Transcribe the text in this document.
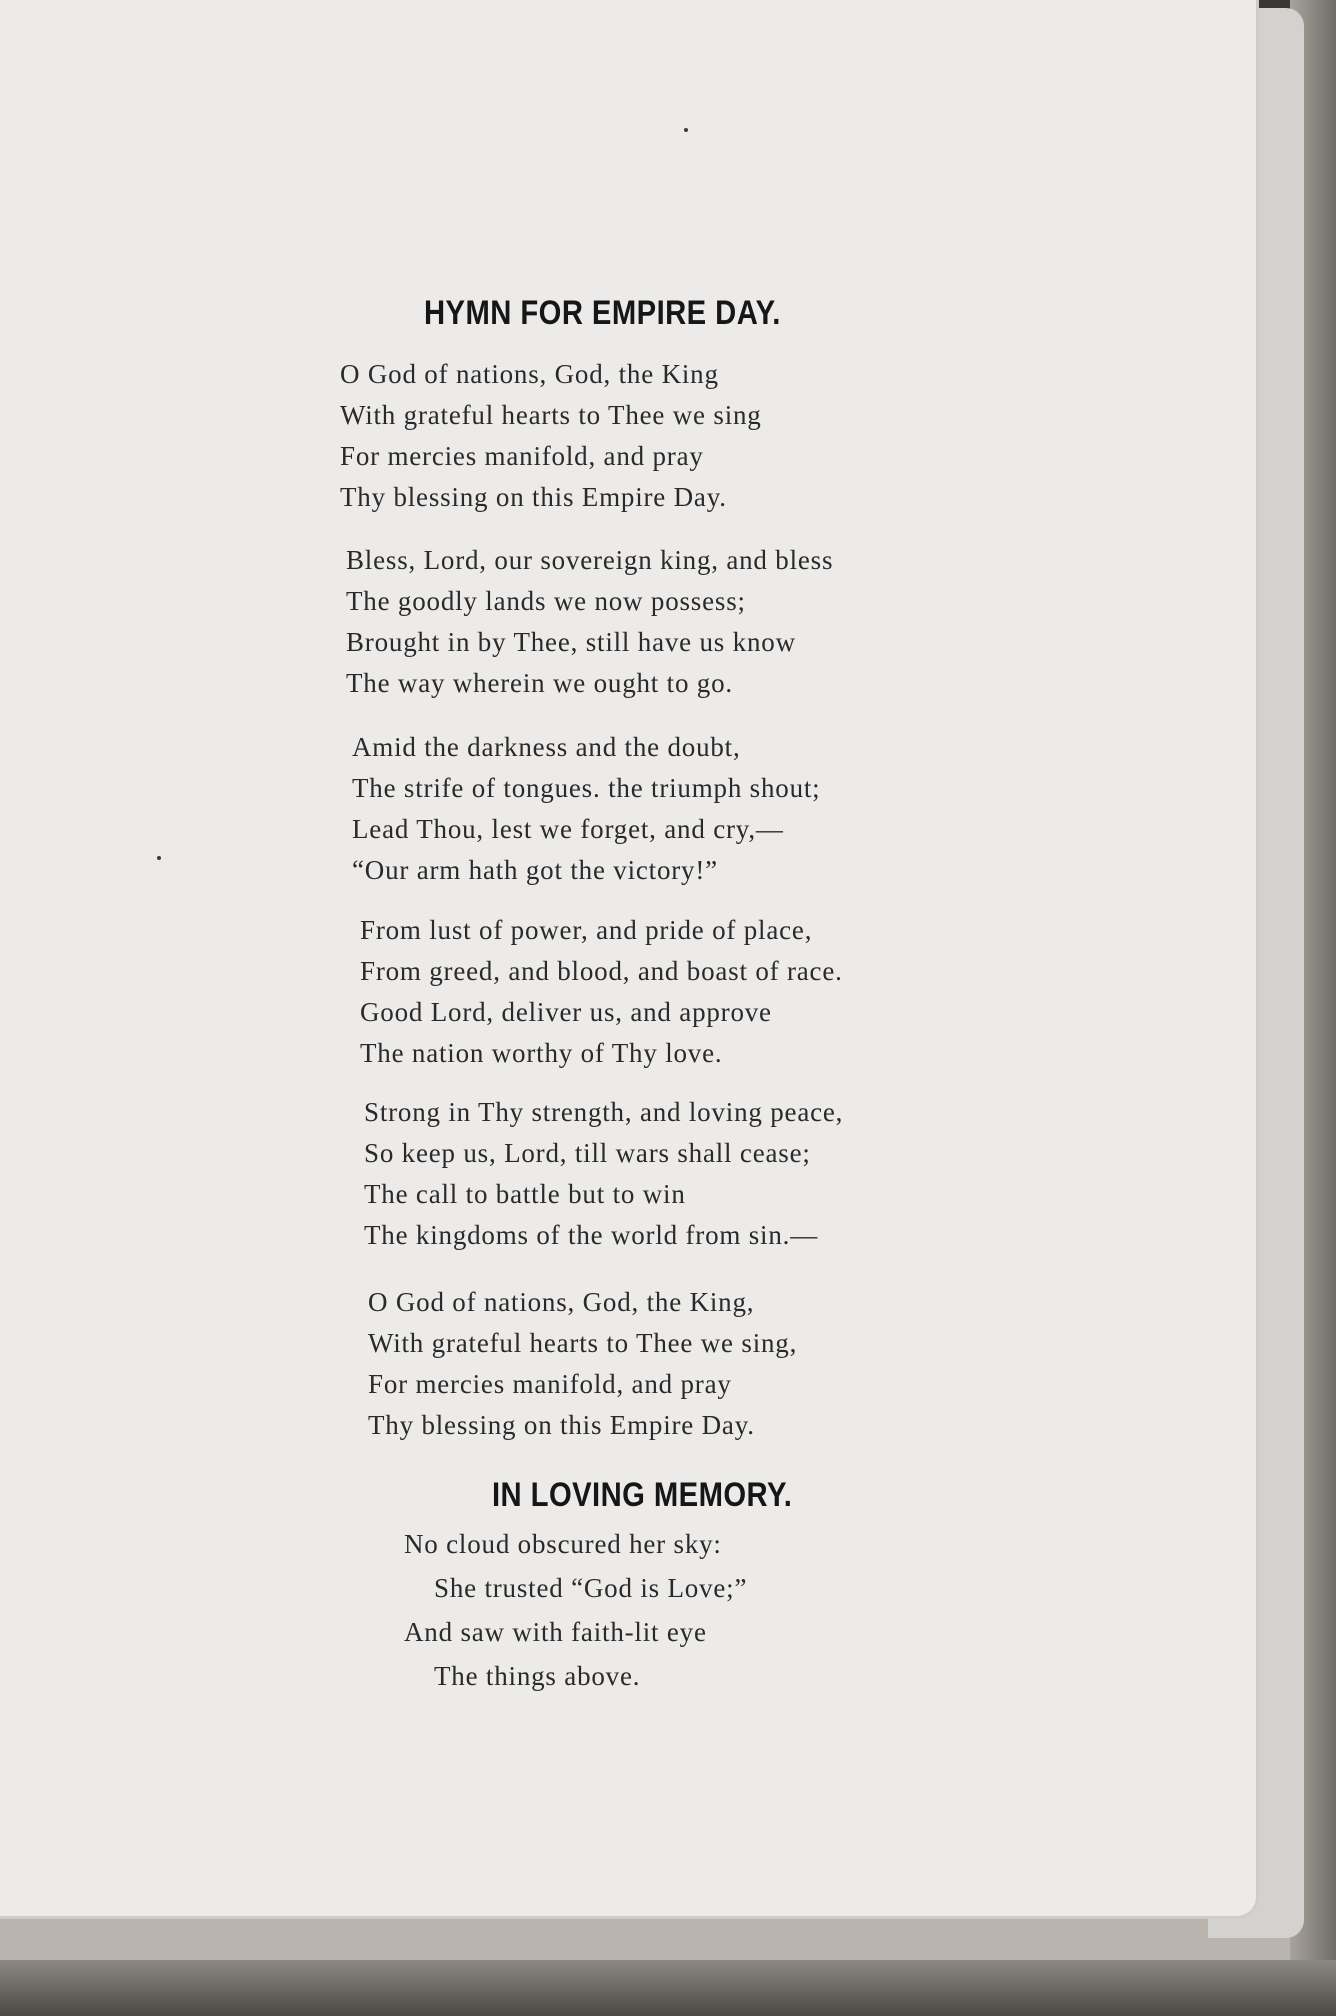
HYMN FOR EMPIRE DAY.
O God of nations, God, the King
With grateful hearts to Thee we sing
For mercies manifold, and pray
Thy blessing on this Empire Day.
Bless, Lord, our sovereign king, and bless
The goodly lands we now possess;
Brought in by Thee, still have us know
The way wherein we ought to go.
Amid the darkness and the doubt,
The strife of tongues. the triumph shout;
Lead Thou, lest we forget, and cry,—
“Our arm hath got the victory!”
From lust of power, and pride of place,
From greed, and blood, and boast of race.
Good Lord, deliver us, and approve
The nation worthy of Thy love.
Strong in Thy strength, and loving peace,
So keep us, Lord, till wars shall cease;
The call to battle but to win
The kingdoms of the world from sin.—
O God of nations, God, the King,
With grateful hearts to Thee we sing,
For mercies manifold, and pray
Thy blessing on this Empire Day.
IN LOVING MEMORY.
No cloud obscured her sky:
She trusted “God is Love;”
And saw with faith-lit eye
The things above.
